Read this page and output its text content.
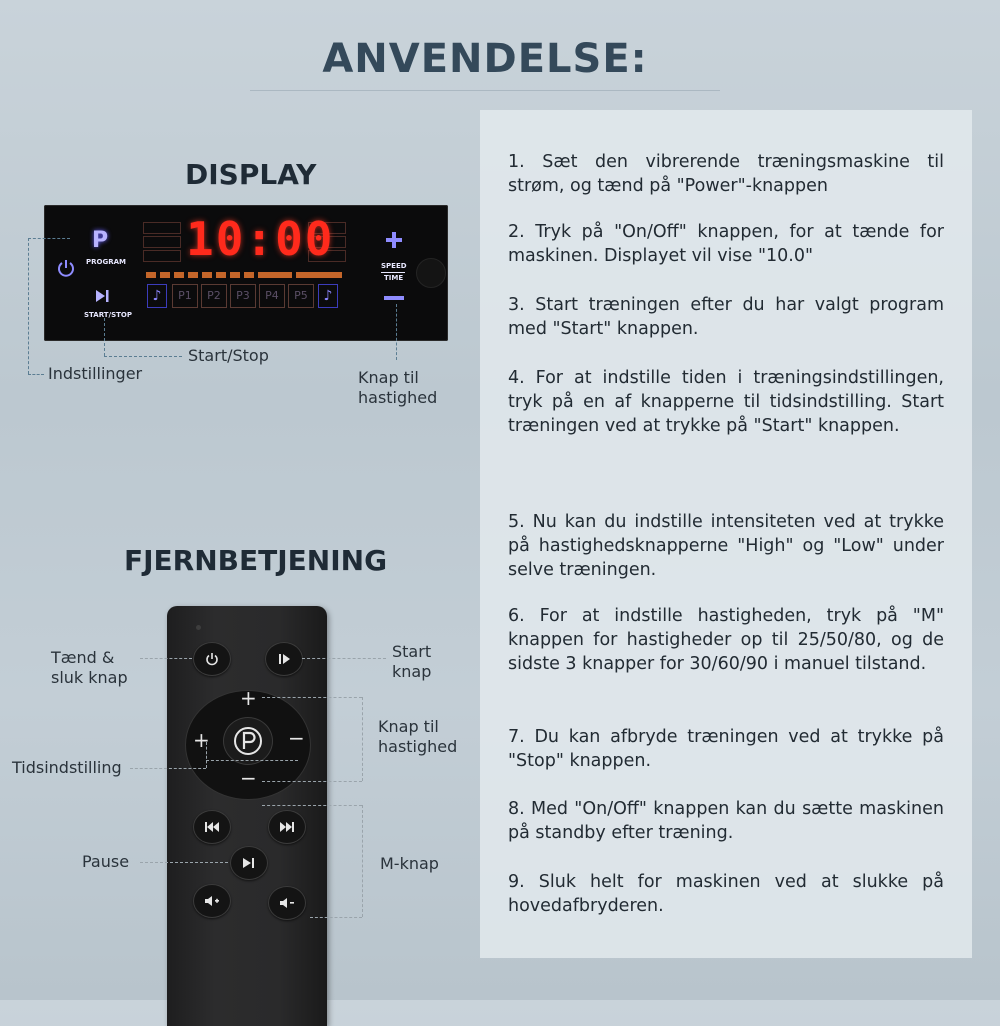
ANVENDELSE:
1. Sæt den vibrerende træningsmaskine til strøm, og tænd på "Power"-knappen
2. Tryk på "On/Off" knappen, for at tænde for maskinen. Displayet vil vise "10.0"
3. Start træningen efter du har valgt program med "Start" knappen.
4. For at indstille tiden i træningsindstillingen, tryk på en af knapperne til tidsindstilling. Start træningen ved at trykke på "Start" knappen.
5. Nu kan du indstille intensiteten ved at trykke på hastighedsknapperne "High" og "Low" under selve træningen.
6. For at indstille hastigheden, tryk på "M" knappen for hastigheder op til 25/50/80, og de sidste 3 knapper for 30/60/90 i manuel tilstand.
7. Du kan afbryde træningen ved at trykke på "Stop" knappen.
8. Med "On/Off" knappen kan du sætte maskinen på standby efter træning.
9. Sluk helt for maskinen ved at slukke på hovedafbryderen.
DISPLAY
P
PROGRAM
START/STOP
10:00
♪	P1	P2	P3	P4	P5	♪
SPEED
TIME
Indstillinger
Start/Stop
Knap til
hastighed
FJERNBETJENING
+
+	−
−
Tænd &
sluk knap
Start
knap
Knap til
hastighed
Tidsindstilling
Pause	M-knap
